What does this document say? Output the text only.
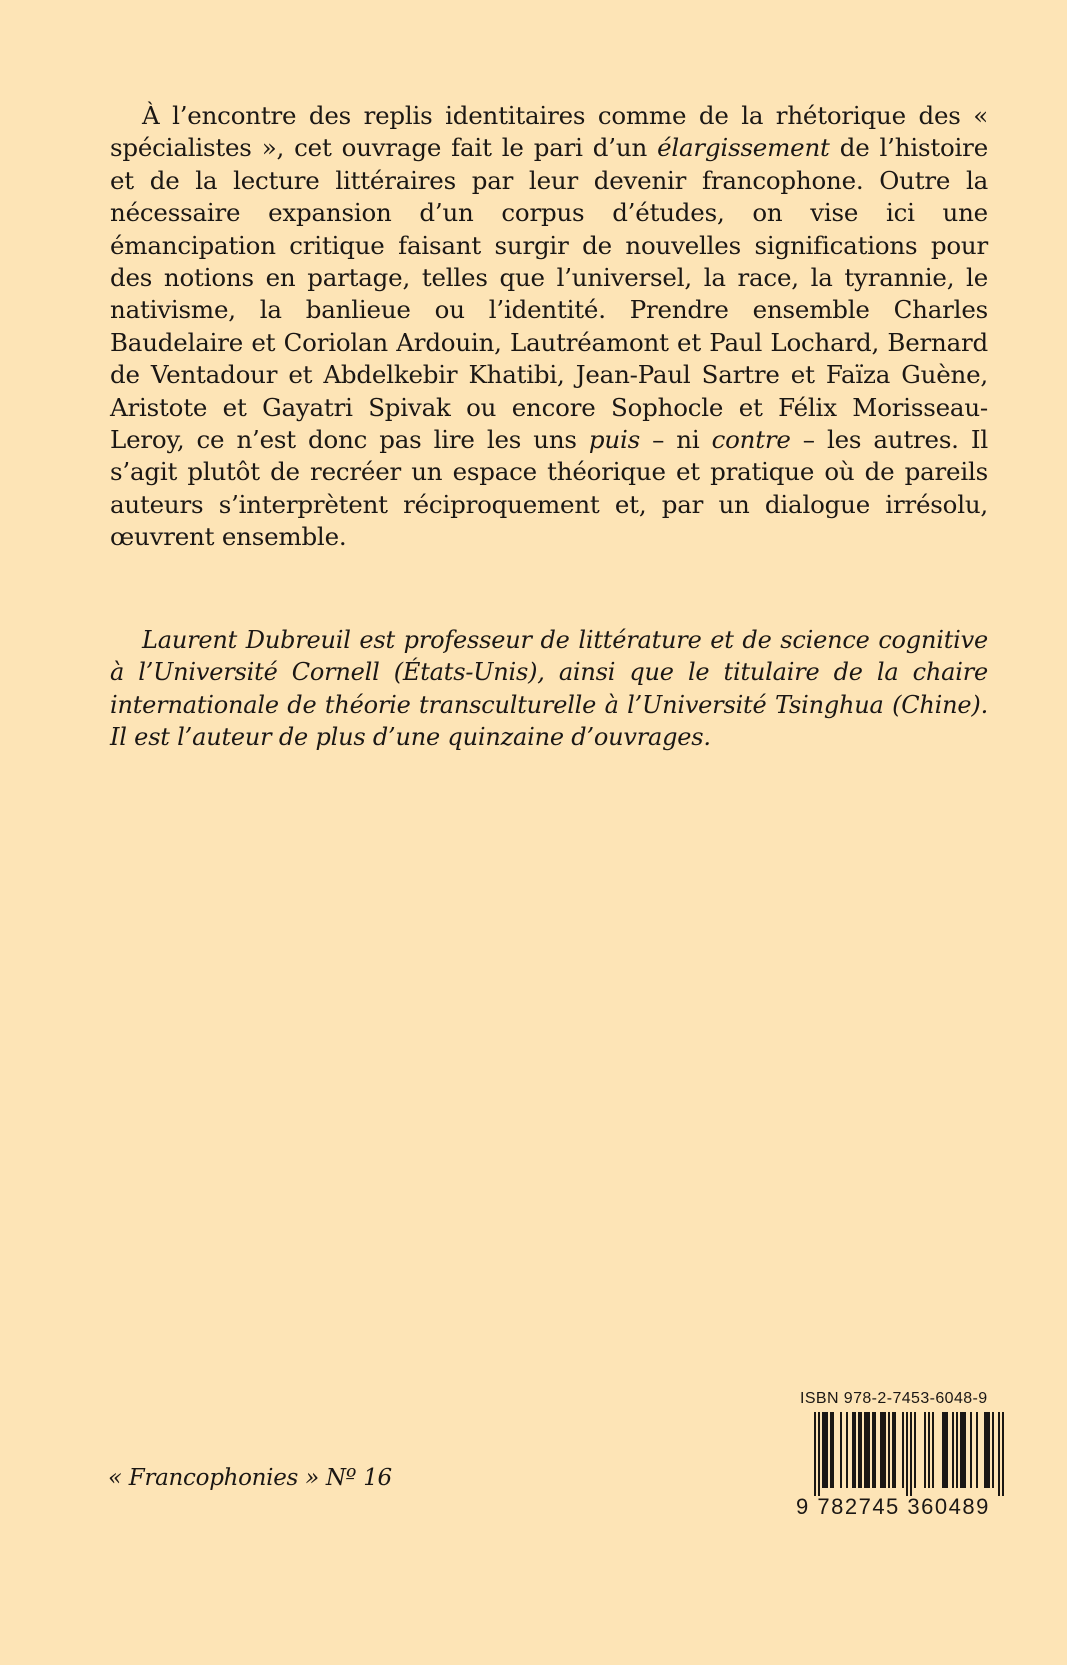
À l’encontre des replis identitaires comme de la rhétorique des « spécialistes », cet ouvrage fait le pari d’un élargissement de l’histoire et de la lecture littéraires par leur devenir francophone. Outre la nécessaire expansion d’un corpus d’études, on vise ici une émancipation critique faisant surgir de nouvelles significations pour des notions en partage, telles que l’universel, la race, la tyrannie, le nativisme, la banlieue ou l’identité. Prendre ensemble Charles Baudelaire et Coriolan Ardouin, Lautréamont et Paul Lochard, Bernard de Ventadour et Abdelkebir Khatibi, Jean-Paul Sartre et Faïza Guène, Aristote et Gayatri Spivak ou encore Sophocle et Félix Morisseau-Leroy, ce n’est donc pas lire les uns puis – ni contre – les autres. Il s’agit plutôt de recréer un espace théorique et pratique où de pareils auteurs s’interprètent réciproquement et, par un dialogue irrésolu, œuvrent ensemble.

Laurent Dubreuil est professeur de littérature et de science cognitive à l’Université Cornell (États-Unis), ainsi que le titulaire de la chaire internationale de théorie transculturelle à l’Université Tsinghua (Chine). Il est l’auteur de plus d’une quinzaine d’ouvrages.

« Francophonies » Nº 16
ISBN 978-2-7453-6048-9
9 782745 360489
